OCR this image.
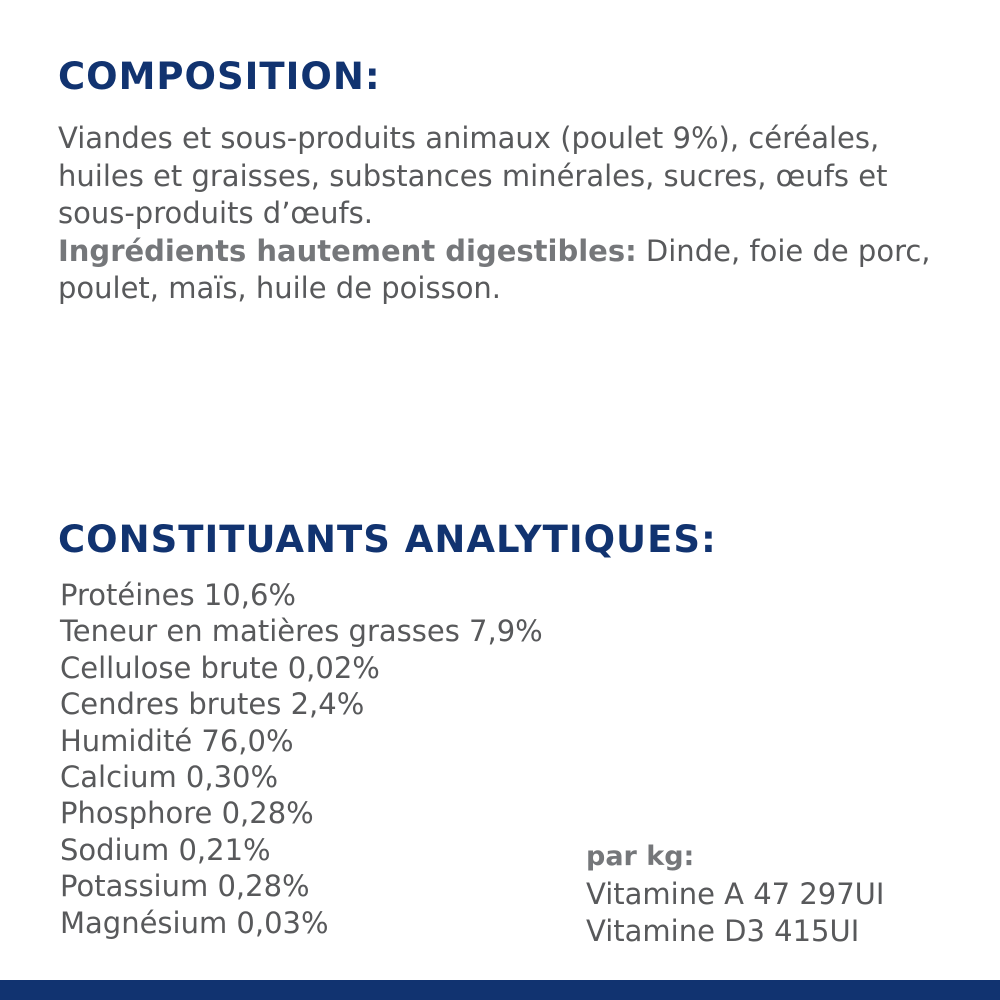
COMPOSITION:

Viandes et sous-produits animaux (poulet 9%), céréales, huiles et graisses, substances minérales, sucres, œufs et sous-produits d’œufs.
Ingrédients hautement digestibles: Dinde, foie de porc, poulet, maïs, huile de poisson.

CONSTITUANTS ANALYTIQUES:
Protéines 10,6%
Teneur en matières grasses 7,9%
Cellulose brute 0,02%
Cendres brutes 2,4%
Humidité 76,0%
Calcium 0,30%
Phosphore 0,28%
Sodium 0,21%
Potassium 0,28%
Magnésium 0,03%
par kg:
Vitamine A 47 297UI
Vitamine D3 415UI
